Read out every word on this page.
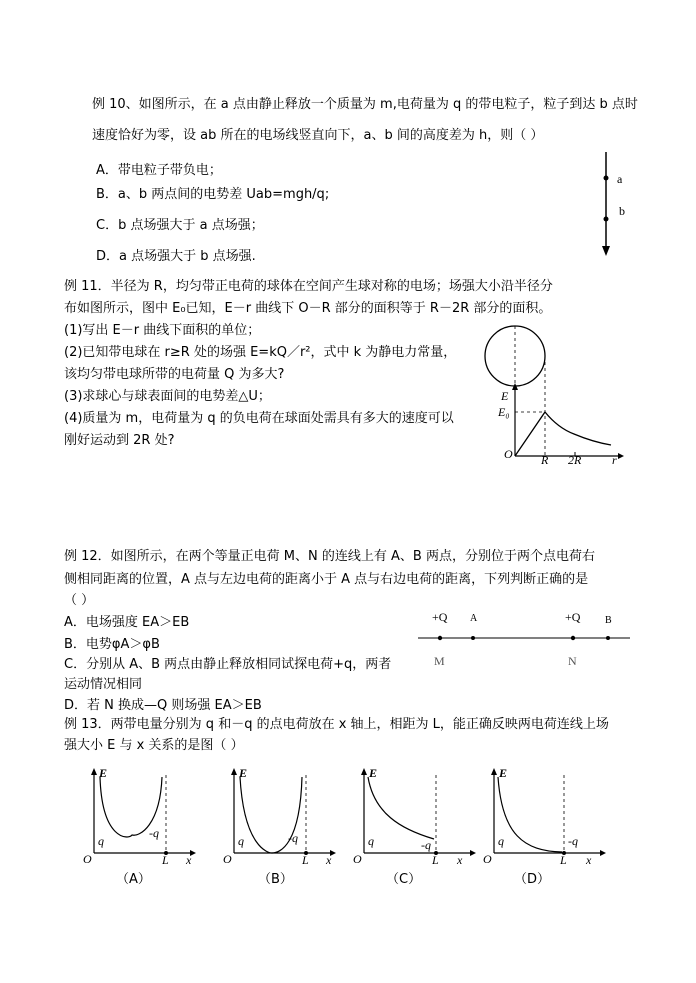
例 10、如图所示，在 a 点由静止释放一个质量为 m,电荷量为 q 的带电粒子，粒子到达 b 点时
速度恰好为零，设 ab 所在的电场线竖直向下，a、b 间的高度差为 h，则（ ）
A．带电粒子带负电；
B．a、b 两点间的电势差 Uab=mgh/q;
C．b 点场强大于 a 点场强；
D．a 点场强大于 b 点场强.
a
b
例 11．半径为 R，均匀带正电荷的球体在空间产生球对称的电场；场强大小沿半径分
布如图所示，图中 E₀已知，E－r 曲线下 O－R 部分的面积等于 R－2R 部分的面积。
(1)写出 E－r 曲线下面积的单位；
(2)已知带电球在 r≥R 处的场强 E=kQ／r²，式中 k 为静电力常量，
该均匀带电球所带的电荷量 Q 为多大?
(3)求球心与球表面间的电势差△U；
(4)质量为 m，电荷量为 q 的负电荷在球面处需具有多大的速度可以
刚好运动到 2R 处?
E
E₀
O R 2R	r
例 12．如图所示，在两个等量正电荷 M、N 的连线上有 A、B 两点，分别位于两个点电荷右
侧相同距离的位置，A 点与左边电荷的距离小于 A 点与右边电荷的距离，下列判断正确的是
（ ）
A．电场强度 EA＞EB
B．电势φA＞φB
C．分别从 A、B 两点由静止释放相同试探电荷+q，两者
运动情况相同
D．若 N 换成—Q 则场强 EA＞EB
+Q A	+Q B
M	N
例 13．两带电量分别为 q 和－q 的点电荷放在 x 轴上，相距为 L，能正确反映两电荷连线上场
强大小 E 与 x 关系的是图（ ）
E
O
q
-q
L x
E
O
q	-q
L x
E
O
q	-q
L x
E
O
q	-q
L x
（A）	（B）	（C）	（D）
